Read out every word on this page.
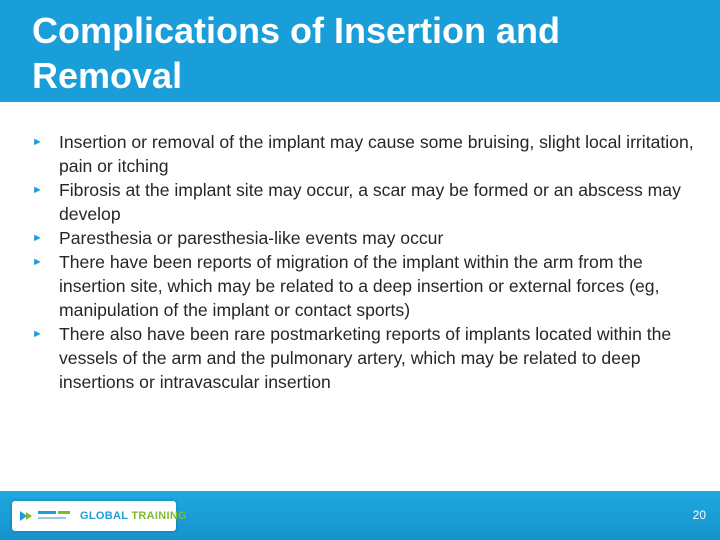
Complications of Insertion and Removal
► Insertion or removal of the implant may cause some bruising, slight local irritation, pain or itching
► Fibrosis at the implant site may occur, a scar may be formed or an abscess may develop
► Paresthesia or paresthesia-like events may occur
► There have been reports of migration of the implant within the arm from the insertion site, which may be related to a deep insertion or external forces (eg, manipulation of the implant or contact sports)
► There also have been rare postmarketing reports of implants located within the vessels of the arm and the pulmonary artery, which may be related to deep insertions or intravascular insertion
GLOBAL TRAINING	20
